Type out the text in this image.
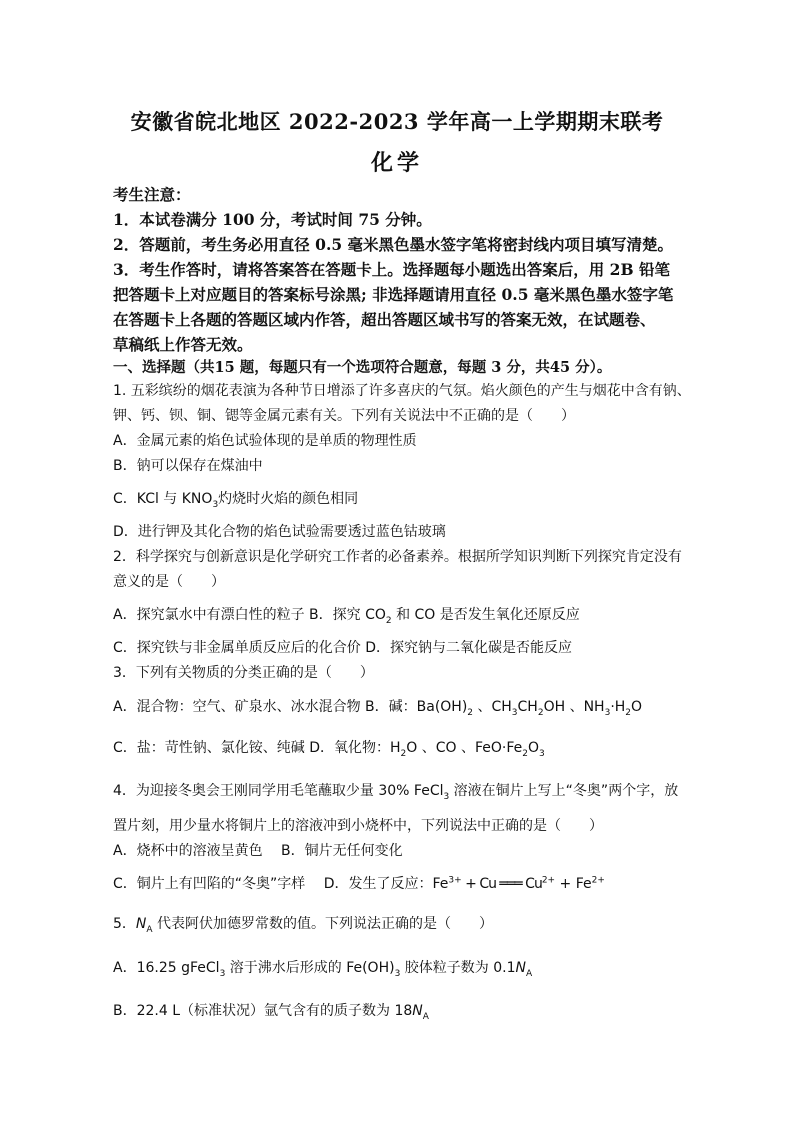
安徽省皖北地区 2022-2023 学年高一上学期期末联考
化学
考生注意：
1．本试卷满分 100 分，考试时间 75 分钟。
2．答题前，考生务必用直径 0.5 毫米黑色墨水签字笔将密封线内项目填写清楚。
3．考生作答时，请将答案答在答题卡上。选择题每小题选出答案后，用 2B 铅笔
把答题卡上对应题目的答案标号涂黑; 非选择题请用直径 0.5 毫米黑色墨水签字笔
在答题卡上各题的答题区域内作答，超出答题区域书写的答案无效，在试题卷、
草稿纸上作答无效。
一、选择题（共15 题，每题只有一个选项符合题意，每题 3 分，共45 分）。
1. 五彩缤纷的烟花表演为各种节日增添了许多喜庆的气氛。焰火颜色的产生与烟花中含有钠、
钾、钙、钡、铜、锶等金属元素有关。下列有关说法中不正确的是（　　）
A．金属元素的焰色试验体现的是单质的物理性质
B．钠可以保存在煤油中
C．KCl 与 $KNO_3$灼烧时火焰的颜色相同
D．进行钾及其化合物的焰色试验需要透过蓝色钴玻璃
2．科学探究与创新意识是化学研究工作者的必备素养。根据所学知识判断下列探究肯定没有
意义的是（　　）
A．探究氯水中有漂白性的粒子 B．探究 $CO_2$ 和 CO 是否发生氧化还原反应
C．探究铁与非金属单质反应后的化合价 D．探究钠与二氧化碳是否能反应
3．下列有关物质的分类正确的是（　　）
A．混合物：空气、矿泉水、冰水混合物 B．碱：$Ba(OH)_2$ 、$CH_3CH_2OH$ 、$NH_3\cdot H_2O$
C．盐：苛性钠、氯化铵、纯碱 D．氧化物：$H_2O$ 、CO 、$FeO\cdot Fe_2O_3$
4．为迎接冬奥会王刚同学用毛笔蘸取少量 30% FeCl$_3$ 溶液在铜片上写上“冬奥”两个字，放
置片刻，用少量水将铜片上的溶液冲到小烧杯中，下列说法中正确的是（　　）
A．烧杯中的溶液呈黄色　 B．铜片无任何变化
C．铜片上有凹陷的“冬奥”字样　 D．发生了反应：$Fe^{3+} + Cu$ ═══ $Cu^{2+} + Fe^{2+}$
5．$N_A$ 代表阿伏加德罗常数的值。下列说法正确的是（　　）
A．16.25 gFeCl$_3$ 溶于沸水后形成的 $Fe(OH)_3$ 胶体粒子数为 $0.1N_A$
B．22.4 L（标准状况）氩气含有的质子数为 $18N_A$
